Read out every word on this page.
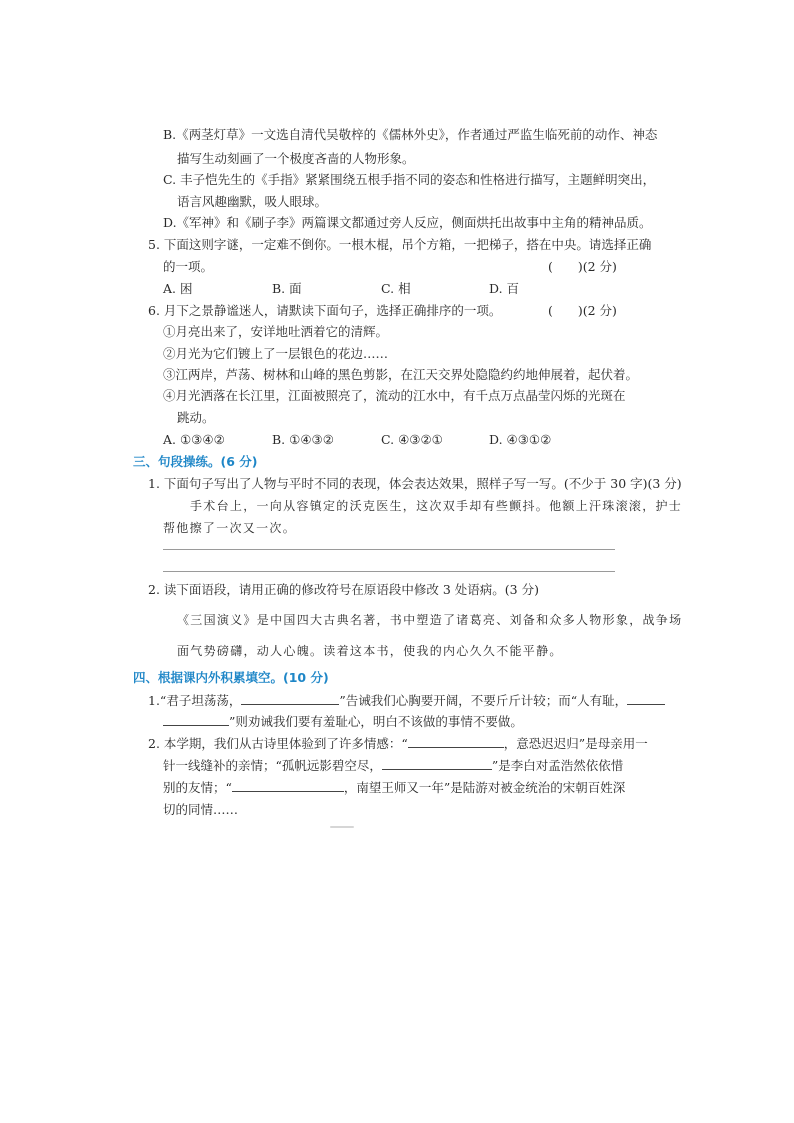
B.《两茎灯草》一文选自清代吴敬梓的《儒林外史》，作者通过严监生临死前的动作、神态
描写生动刻画了一个极度吝啬的人物形象。
C. 丰子恺先生的《手指》紧紧围绕五根手指不同的姿态和性格进行描写，主题鲜明突出，
语言风趣幽默，吸人眼球。
D.《军神》和《刷子李》两篇课文都通过旁人反应，侧面烘托出故事中主角的精神品质。
5. 下面这则字谜，一定难不倒你。一根木棍，吊个方箱，一把梯子，搭在中央。请选择正确
的一项。	(　　)(2 分)
A. 困	B. 面	C. 相	D. 百
6. 月下之景静谧迷人，请默读下面句子，选择正确排序的一项。	(　　)(2 分)
①月亮出来了，安详地吐洒着它的清辉。
②月光为它们镀上了一层银色的花边……
③江两岸，芦荡、树林和山峰的黑色剪影，在江天交界处隐隐约约地伸展着，起伏着。
④月光洒落在长江里，江面被照亮了，流动的江水中，有千点万点晶莹闪烁的光斑在
跳动。
A. ①③④②	B. ①④③②	C. ④③②①	D. ④③①②
三、句段操练。(6 分)
1. 下面句子写出了人物与平时不同的表现，体会表达效果，照样子写一写。(不少于 30 字)(3 分)
手术台上，一向从容镇定的沃克医生，这次双手却有些颤抖。他额上汗珠滚滚，护士
帮他擦了一次又一次。
2. 读下面语段，请用正确的修改符号在原语段中修改 3 处语病。(3 分)
《三国演义》是中国四大古典名著，书中塑造了诸葛亮、刘备和众多人物形象，战争场
面气势磅礴，动人心魄。读着这本书，使我的内心久久不能平静。
四、根据课内外积累填空。(10 分)
1.“君子坦荡荡，	”告诫我们心胸要开阔，不要斤斤计较；而“人有耻，
”则劝诫我们要有羞耻心，明白不该做的事情不要做。
2. 本学期，我们从古诗里体验到了许多情感：“	，意恐迟迟归”是母亲用一
针一线缝补的亲情；“孤帆远影碧空尽，	”是李白对孟浩然依依惜
别的友情；“	，南望王师又一年”是陆游对被金统治的宋朝百姓深
切的同情……
